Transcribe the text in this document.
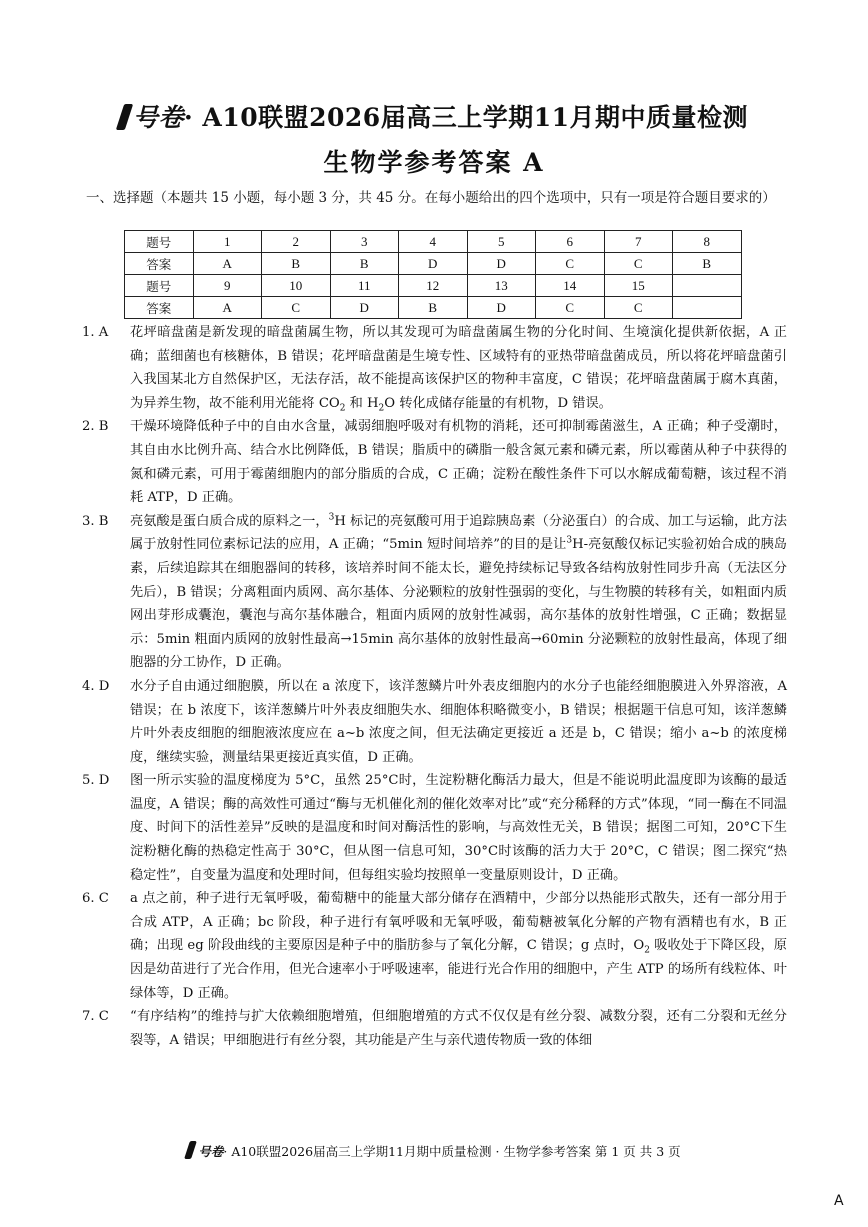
号卷· A10联盟2026届高三上学期11月期中质量检测
生物学参考答案 A
一、选择题（本题共 15 小题，每小题 3 分，共 45 分。在每小题给出的四个选项中，只有一项是符合题目要求的）
题号	1	2	3	4	5	6	7	8
答案	A	B	B	D	D	C	C	B
题号	9	10	11	12	13	14	15	
答案	A	C	D	B	D	C	C	
1. A	花坪暗盘菌是新发现的暗盘菌属生物，所以其发现可为暗盘菌属生物的分化时间、生境演化提供新依据，A 正确；蓝细菌也有核糖体，B 错误；花坪暗盘菌是生境专性、区域特有的亚热带暗盘菌成员，所以将花坪暗盘菌引入我国某北方自然保护区，无法存活，故不能提高该保护区的物种丰富度，C 错误；花坪暗盘菌属于腐木真菌，为异养生物，故不能利用光能将 $CO_2$ 和 $H_2O$ 转化成储存能量的有机物，D 错误。
2. B	干燥环境降低种子中的自由水含量，减弱细胞呼吸对有机物的消耗，还可抑制霉菌滋生，A 正确；种子受潮时，其自由水比例升高、结合水比例降低，B 错误；脂质中的磷脂一般含氮元素和磷元素，所以霉菌从种子中获得的氮和磷元素，可用于霉菌细胞内的部分脂质的合成，C 正确；淀粉在酸性条件下可以水解成葡萄糖，该过程不消耗 ATP，D 正确。
3. B	亮氨酸是蛋白质合成的原料之一，$^3$H 标记的亮氨酸可用于追踪胰岛素（分泌蛋白）的合成、加工与运输，此方法属于放射性同位素标记法的应用，A 正确；“5min 短时间培养”的目的是让$^3$H-亮氨酸仅标记实验初始合成的胰岛素，后续追踪其在细胞器间的转移，该培养时间不能太长，避免持续标记导致各结构放射性同步升高（无法区分先后），B 错误；分离粗面内质网、高尔基体、分泌颗粒的放射性强弱的变化，与生物膜的转移有关，如粗面内质网出芽形成囊泡，囊泡与高尔基体融合，粗面内质网的放射性减弱，高尔基体的放射性增强，C 正确；数据显示：5min 粗面内质网的放射性最高→15min 高尔基体的放射性最高→60min 分泌颗粒的放射性最高，体现了细胞器的分工协作，D 正确。
4. D	水分子自由通过细胞膜，所以在 a 浓度下，该洋葱鳞片叶外表皮细胞内的水分子也能经细胞膜进入外界溶液，A 错误；在 b 浓度下，该洋葱鳞片叶外表皮细胞失水、细胞体积略微变小，B 错误；根据题干信息可知，该洋葱鳞片叶外表皮细胞的细胞液浓度应在 a~b 浓度之间，但无法确定更接近 a 还是 b，C 错误；缩小 a~b 的浓度梯度，继续实验，测量结果更接近真实值，D 正确。
5. D	图一所示实验的温度梯度为 5°C，虽然 25°C时，生淀粉糖化酶活力最大，但是不能说明此温度即为该酶的最适温度，A 错误；酶的高效性可通过“酶与无机催化剂的催化效率对比”或“充分稀释的方式”体现，“同一酶在不同温度、时间下的活性差异”反映的是温度和时间对酶活性的影响，与高效性无关，B 错误；据图二可知，20°C下生淀粉糖化酶的热稳定性高于 30°C，但从图一信息可知，30°C时该酶的活力大于 20°C，C 错误；图二探究“热稳定性”，自变量为温度和处理时间，但每组实验均按照单一变量原则设计，D 正确。
6. C	a 点之前，种子进行无氧呼吸，葡萄糖中的能量大部分储存在酒精中，少部分以热能形式散失，还有一部分用于合成 ATP，A 正确；bc 阶段，种子进行有氧呼吸和无氧呼吸，葡萄糖被氧化分解的产物有酒精也有水，B 正确；出现 eg 阶段曲线的主要原因是种子中的脂肪参与了氧化分解，C 错误；g 点时，$O_2$ 吸收处于下降区段，原因是幼苗进行了光合作用，但光合速率小于呼吸速率，能进行光合作用的细胞中，产生 ATP 的场所有线粒体、叶绿体等，D 正确。
7. C	“有序结构”的维持与扩大依赖细胞增殖，但细胞增殖的方式不仅仅是有丝分裂、减数分裂，还有二分裂和无丝分裂等，A 错误；甲细胞进行有丝分裂，其功能是产生与亲代遗传物质一致的体细
号卷· A10联盟2026届高三上学期11月期中质量检测 · 生物学参考答案 第 1 页 共 3 页
A
